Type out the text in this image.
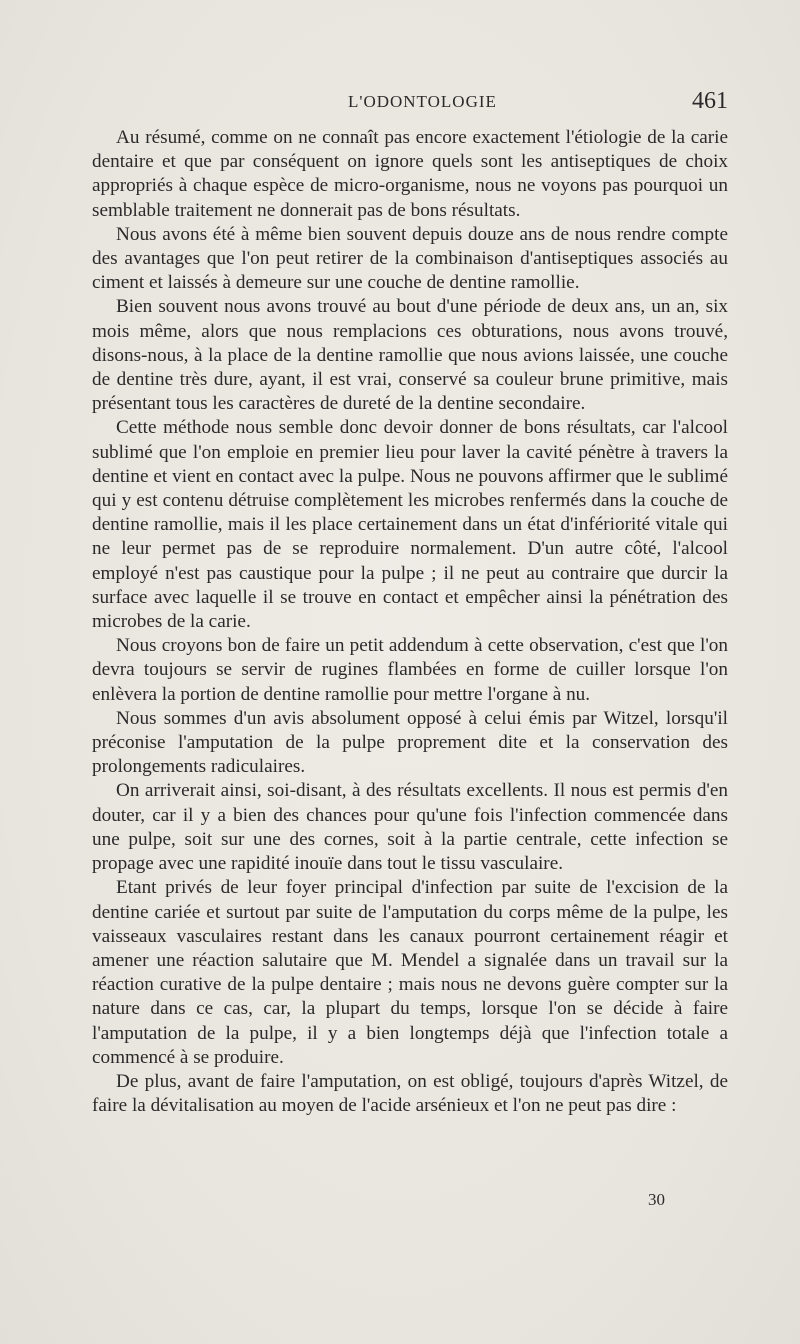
L'ODONTOLOGIE	461

Au résumé, comme on ne connaît pas encore exactement l'étiologie de la carie dentaire et que par conséquent on ignore quels sont les antiseptiques de choix appropriés à chaque espèce de micro-organisme, nous ne voyons pas pourquoi un semblable traitement ne donnerait pas de bons résultats.

Nous avons été à même bien souvent depuis douze ans de nous rendre compte des avantages que l'on peut retirer de la combinaison d'antiseptiques associés au ciment et laissés à demeure sur une couche de dentine ramollie.

Bien souvent nous avons trouvé au bout d'une période de deux ans, un an, six mois même, alors que nous remplacions ces obturations, nous avons trouvé, disons-nous, à la place de la dentine ramollie que nous avions laissée, une couche de dentine très dure, ayant, il est vrai, conservé sa couleur brune primitive, mais présentant tous les caractères de dureté de la dentine secondaire.

Cette méthode nous semble donc devoir donner de bons résultats, car l'alcool sublimé que l'on emploie en premier lieu pour laver la cavité pénètre à travers la dentine et vient en contact avec la pulpe. Nous ne pouvons affirmer que le sublimé qui y est contenu détruise complètement les microbes renfermés dans la couche de dentine ramollie, mais il les place certainement dans un état d'infériorité vitale qui ne leur permet pas de se reproduire normalement. D'un autre côté, l'alcool employé n'est pas caustique pour la pulpe ; il ne peut au contraire que durcir la surface avec laquelle il se trouve en contact et empêcher ainsi la pénétration des microbes de la carie.

Nous croyons bon de faire un petit addendum à cette observation, c'est que l'on devra toujours se servir de rugines flambées en forme de cuiller lorsque l'on enlèvera la portion de dentine ramollie pour mettre l'organe à nu.

Nous sommes d'un avis absolument opposé à celui émis par Witzel, lorsqu'il préconise l'amputation de la pulpe proprement dite et la conservation des prolongements radiculaires.

On arriverait ainsi, soi-disant, à des résultats excellents. Il nous est permis d'en douter, car il y a bien des chances pour qu'une fois l'infection commencée dans une pulpe, soit sur une des cornes, soit à la partie centrale, cette infection se propage avec une rapidité inouïe dans tout le tissu vasculaire.

Etant privés de leur foyer principal d'infection par suite de l'excision de la dentine cariée et surtout par suite de l'amputation du corps même de la pulpe, les vaisseaux vasculaires restant dans les canaux pourront certainement réagir et amener une réaction salutaire que M. Mendel a signalée dans un travail sur la réaction curative de la pulpe dentaire ; mais nous ne devons guère compter sur la nature dans ce cas, car, la plupart du temps, lorsque l'on se décide à faire l'amputation de la pulpe, il y a bien longtemps déjà que l'infection totale a commencé à se produire.

De plus, avant de faire l'amputation, on est obligé, toujours d'après Witzel, de faire la dévitalisation au moyen de l'acide arsénieux et l'on ne peut pas dire :

30
